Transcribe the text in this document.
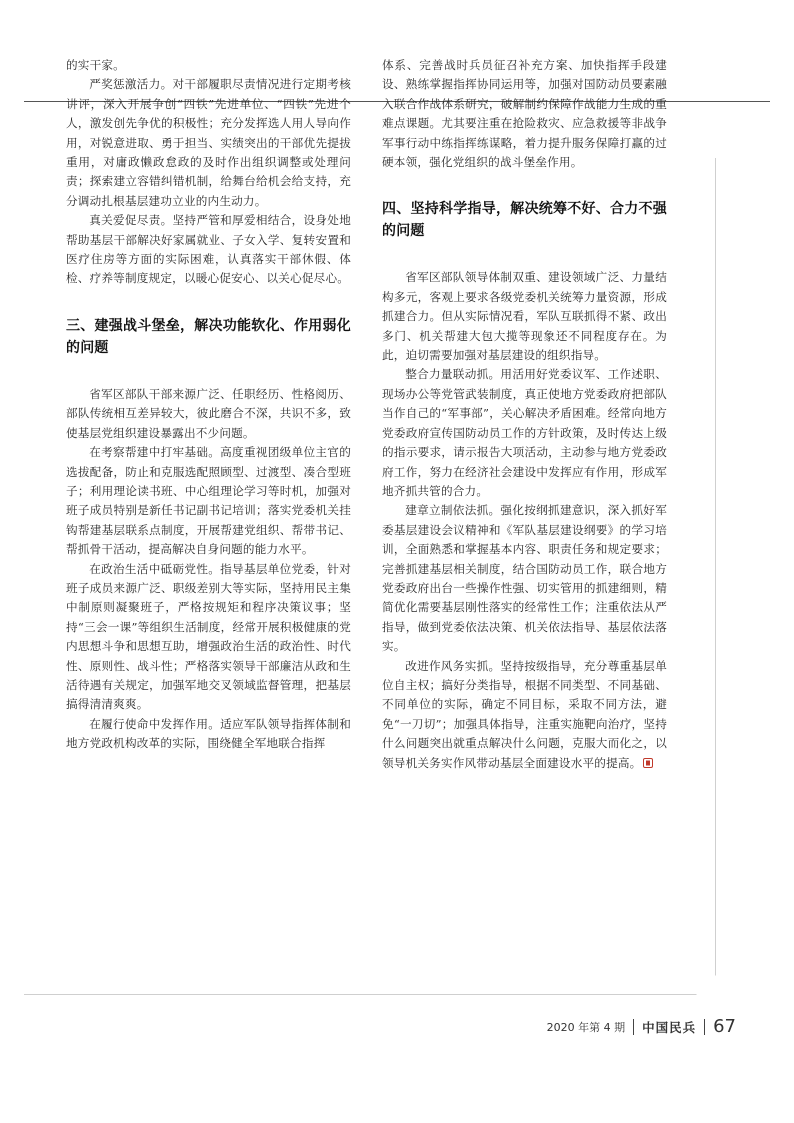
的实干家。

严奖惩激活力。对干部履职尽责情况进行定期考核讲评，深入开展争创“四铁”先进单位、“四铁”先进个人，激发创先争优的积极性；充分发挥选人用人导向作用，对锐意进取、勇于担当、实绩突出的干部优先提拔重用，对庸政懒政怠政的及时作出组织调整或处理问责；探索建立容错纠错机制，给舞台给机会给支持，充分调动扎根基层建功立业的内生动力。

真关爱促尽责。坚持严管和厚爱相结合，设身处地帮助基层干部解决好家属就业、子女入学、复转安置和医疗住房等方面的实际困难，认真落实干部休假、体检、疗养等制度规定，以暖心促安心、以关心促尽心。

三、建强战斗堡垒，解决功能软化、作用弱化的问题

省军区部队干部来源广泛、任职经历、性格阅历、部队传统相互差异较大，彼此磨合不深，共识不多，致使基层党组织建设暴露出不少问题。

在考察帮建中打牢基础。高度重视团级单位主官的选拔配备，防止和克服选配照顾型、过渡型、凑合型班子；利用理论读书班、中心组理论学习等时机，加强对班子成员特别是新任书记副书记培训；落实党委机关挂钩帮建基层联系点制度，开展帮建党组织、帮带书记、帮抓骨干活动，提高解决自身问题的能力水平。

在政治生活中砥砺党性。指导基层单位党委，针对班子成员来源广泛、职级差别大等实际，坚持用民主集中制原则凝聚班子，严格按规矩和程序决策议事；坚持“三会一课”等组织生活制度，经常开展积极健康的党内思想斗争和思想互助，增强政治生活的政治性、时代性、原则性、战斗性；严格落实领导干部廉洁从政和生活待遇有关规定，加强军地交叉领域监督管理，把基层搞得清清爽爽。

在履行使命中发挥作用。适应军队领导指挥体制和地方党政机构改革的实际，围绕健全军地联合指挥

体系、完善战时兵员征召补充方案、加快指挥手段建设、熟练掌握指挥协同运用等，加强对国防动员要素融入联合作战体系研究，破解制约保障作战能力生成的重难点课题。尤其要注重在抢险救灾、应急救援等非战争军事行动中练指挥练谋略，着力提升服务保障打赢的过硬本领，强化党组织的战斗堡垒作用。

四、坚持科学指导，解决统筹不好、合力不强的问题

省军区部队领导体制双重、建设领域广泛、力量结构多元，客观上要求各级党委机关统筹力量资源，形成抓建合力。但从实际情况看，军队互联抓得不紧、政出多门、机关帮建大包大揽等现象还不同程度存在。为此，迫切需要加强对基层建设的组织指导。

整合力量联动抓。用活用好党委议军、工作述职、现场办公等党管武装制度，真正使地方党委政府把部队当作自己的“军事部”，关心解决矛盾困难。经常向地方党委政府宣传国防动员工作的方针政策，及时传达上级的指示要求，请示报告大项活动，主动参与地方党委政府工作，努力在经济社会建设中发挥应有作用，形成军地齐抓共管的合力。

建章立制依法抓。强化按纲抓建意识，深入抓好军委基层建设会议精神和《军队基层建设纲要》的学习培训，全面熟悉和掌握基本内容、职责任务和规定要求；完善抓建基层相关制度，结合国防动员工作，联合地方党委政府出台一些操作性强、切实管用的抓建细则，精简优化需要基层刚性落实的经常性工作；注重依法从严指导，做到党委依法决策、机关依法指导、基层依法落实。

改进作风务实抓。坚持按级指导，充分尊重基层单位自主权；搞好分类指导，根据不同类型、不同基础、不同单位的实际，确定不同目标，采取不同方法，避免“一刀切”；加强具体指导，注重实施靶向治疗，坚持什么问题突出就重点解决什么问题，克服大而化之，以领导机关务实作风带动基层全面建设水平的提高。

2020 年第 4 期 中国民兵 67
